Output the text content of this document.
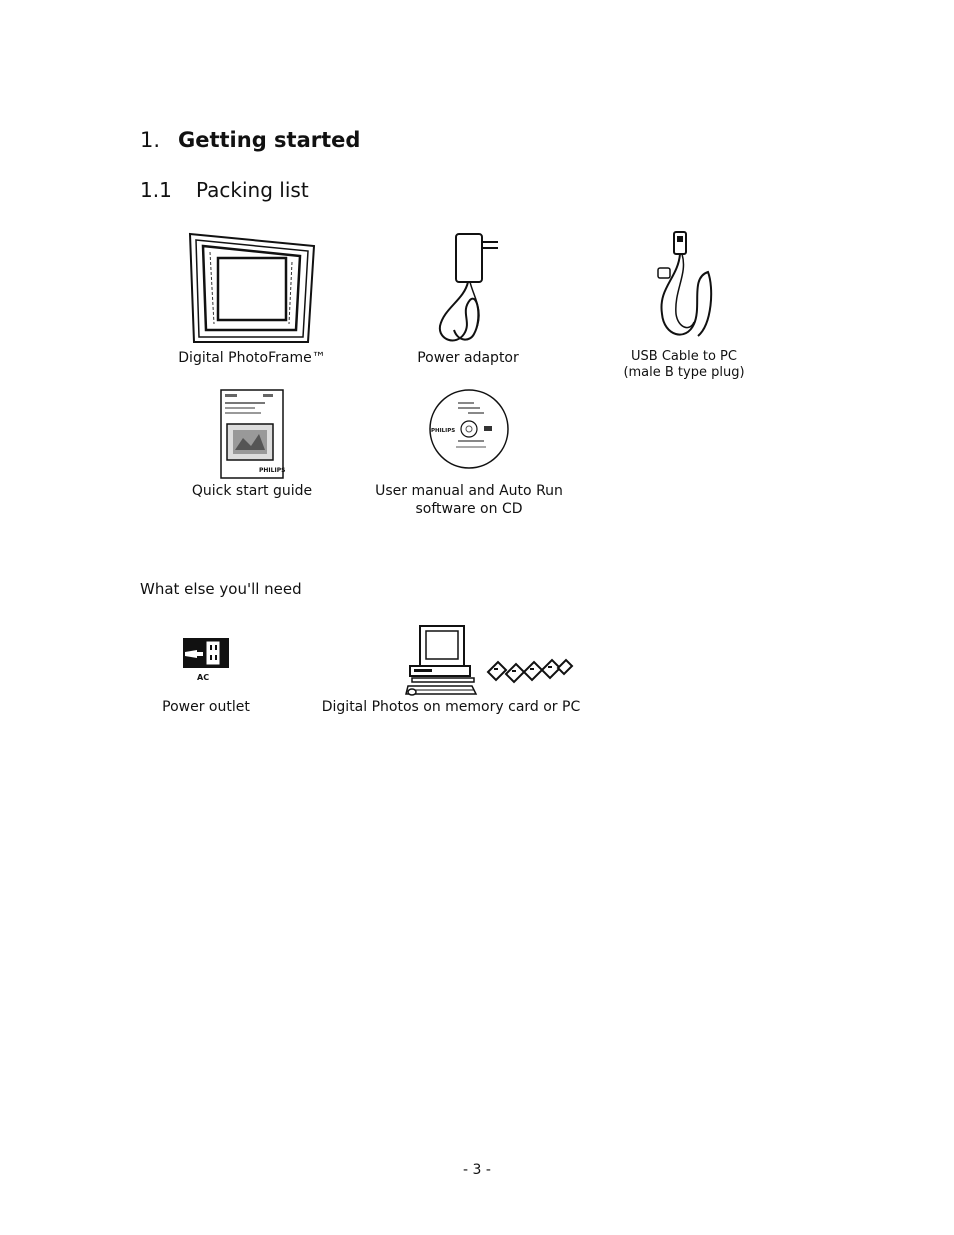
1. Getting started
1.1 Packing list
Digital PhotoFrame™	Power adaptor	USB Cable to PC
(male B type plug)
PHILIPS
Quick start guide
PHILIPS
User manual and Auto Run
software on CD
What else you'll need
AC
Power outlet	Digital Photos on memory card or PC
- 3 -
